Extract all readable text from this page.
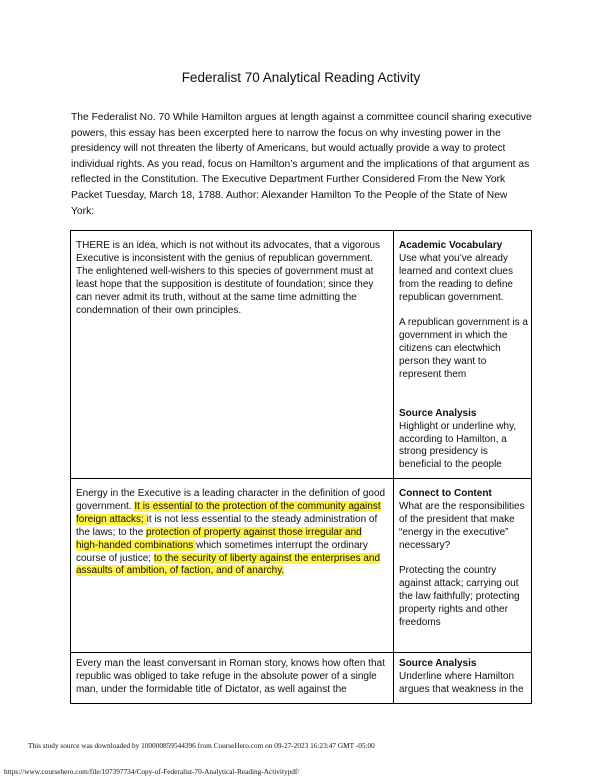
Federalist 70 Analytical Reading Activity
The Federalist No. 70 While Hamilton argues at length against a committee council sharing executive powers, this essay has been excerpted here to narrow the focus on why investing power in the presidency will not threaten the liberty of Americans, but would actually provide a way to protect individual rights. As you read, focus on Hamilton’s argument and the implications of that argument as reflected in the Constitution. The Executive Department Further Considered From the New York Packet Tuesday, March 18, 1788. Author: Alexander Hamilton To the People of the State of New York:
THERE is an idea, which is not without its advocates, that a vigorous Executive is inconsistent with the genius of republican government. The enlightened well-wishers to this species of government must at least hope that the supposition is destitute of foundation; since they can never admit its truth, without at the same time admitting the condemnation of their own principles.
Academic Vocabulary
Use what you’ve already learned and context clues from the reading to define republican government.
A republican government is a government in which the citizens can electwhich person they want to represent them
Source Analysis
Highlight or underline why, according to Hamilton, a strong presidency is beneficial to the people
Energy in the Executive is a leading character in the definition of good government. It is essential to the protection of the community against foreign attacks; it is not less essential to the steady administration of the laws; to the protection of property against those irregular and high-handed combinations which sometimes interrupt the ordinary course of justice; to the security of liberty against the enterprises and assaults of ambition, of faction, and of anarchy.
Connect to Content
What are the responsibilities of the president that make “energy in the executive” necessary?
Protecting the country against attack; carrying out the law faithfully; protecting property rights and other freedoms
Every man the least conversant in Roman story, knows how often that republic was obliged to take refuge in the absolute power of a single man, under the formidable title of Dictator, as well against the
Source Analysis
Underline where Hamilton argues that weakness in the
This study source was downloaded by 100000859544396 from CourseHero.com on 09-27-2023 16:23:47 GMT -05:00
https://www.coursehero.com/file/107397734/Copy-of-Federalist-70-Analytical-Reading-Activitypdf/
